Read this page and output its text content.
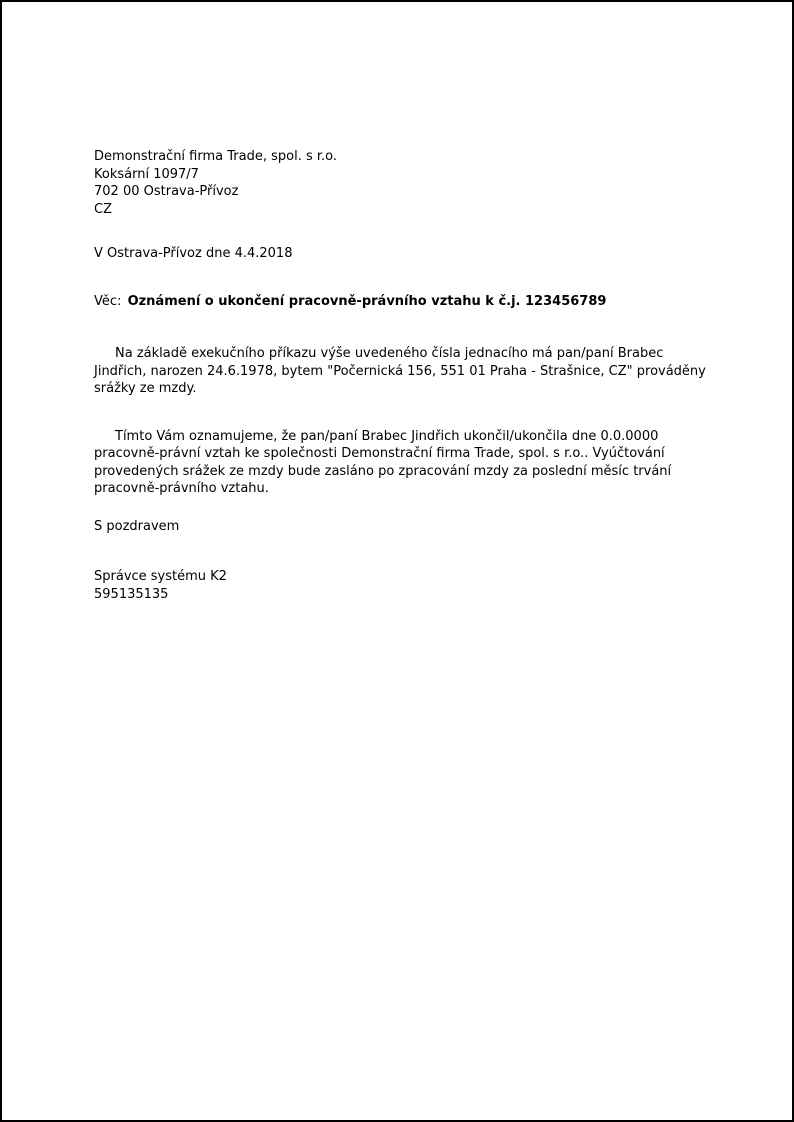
Demonstrační firma Trade, spol. s r.o.
Koksární 1097/7
702 00 Ostrava-Přívoz
CZ
V Ostrava-Přívoz dne 4.4.2018
Věc: Oznámení o ukončení pracovně-právního vztahu k č.j. 123456789

Na základě exekučního příkazu výše uvedeného čísla jednacího má pan/paní Brabec Jindřich, narozen 24.6.1978, bytem "Počernická 156, 551 01 Praha - Strašnice, CZ" prováděny srážky ze mzdy.

Tímto Vám oznamujeme, že pan/paní Brabec Jindřich ukončil/ukončila dne 0.0.0000 pracovně-právní vztah ke společnosti Demonstrační firma Trade, spol. s r.o.. Vyúčtování provedených srážek ze mzdy bude zasláno po zpracování mzdy za poslední měsíc trvání pracovně-právního vztahu.

S pozdravem
Správce systému K2
595135135
